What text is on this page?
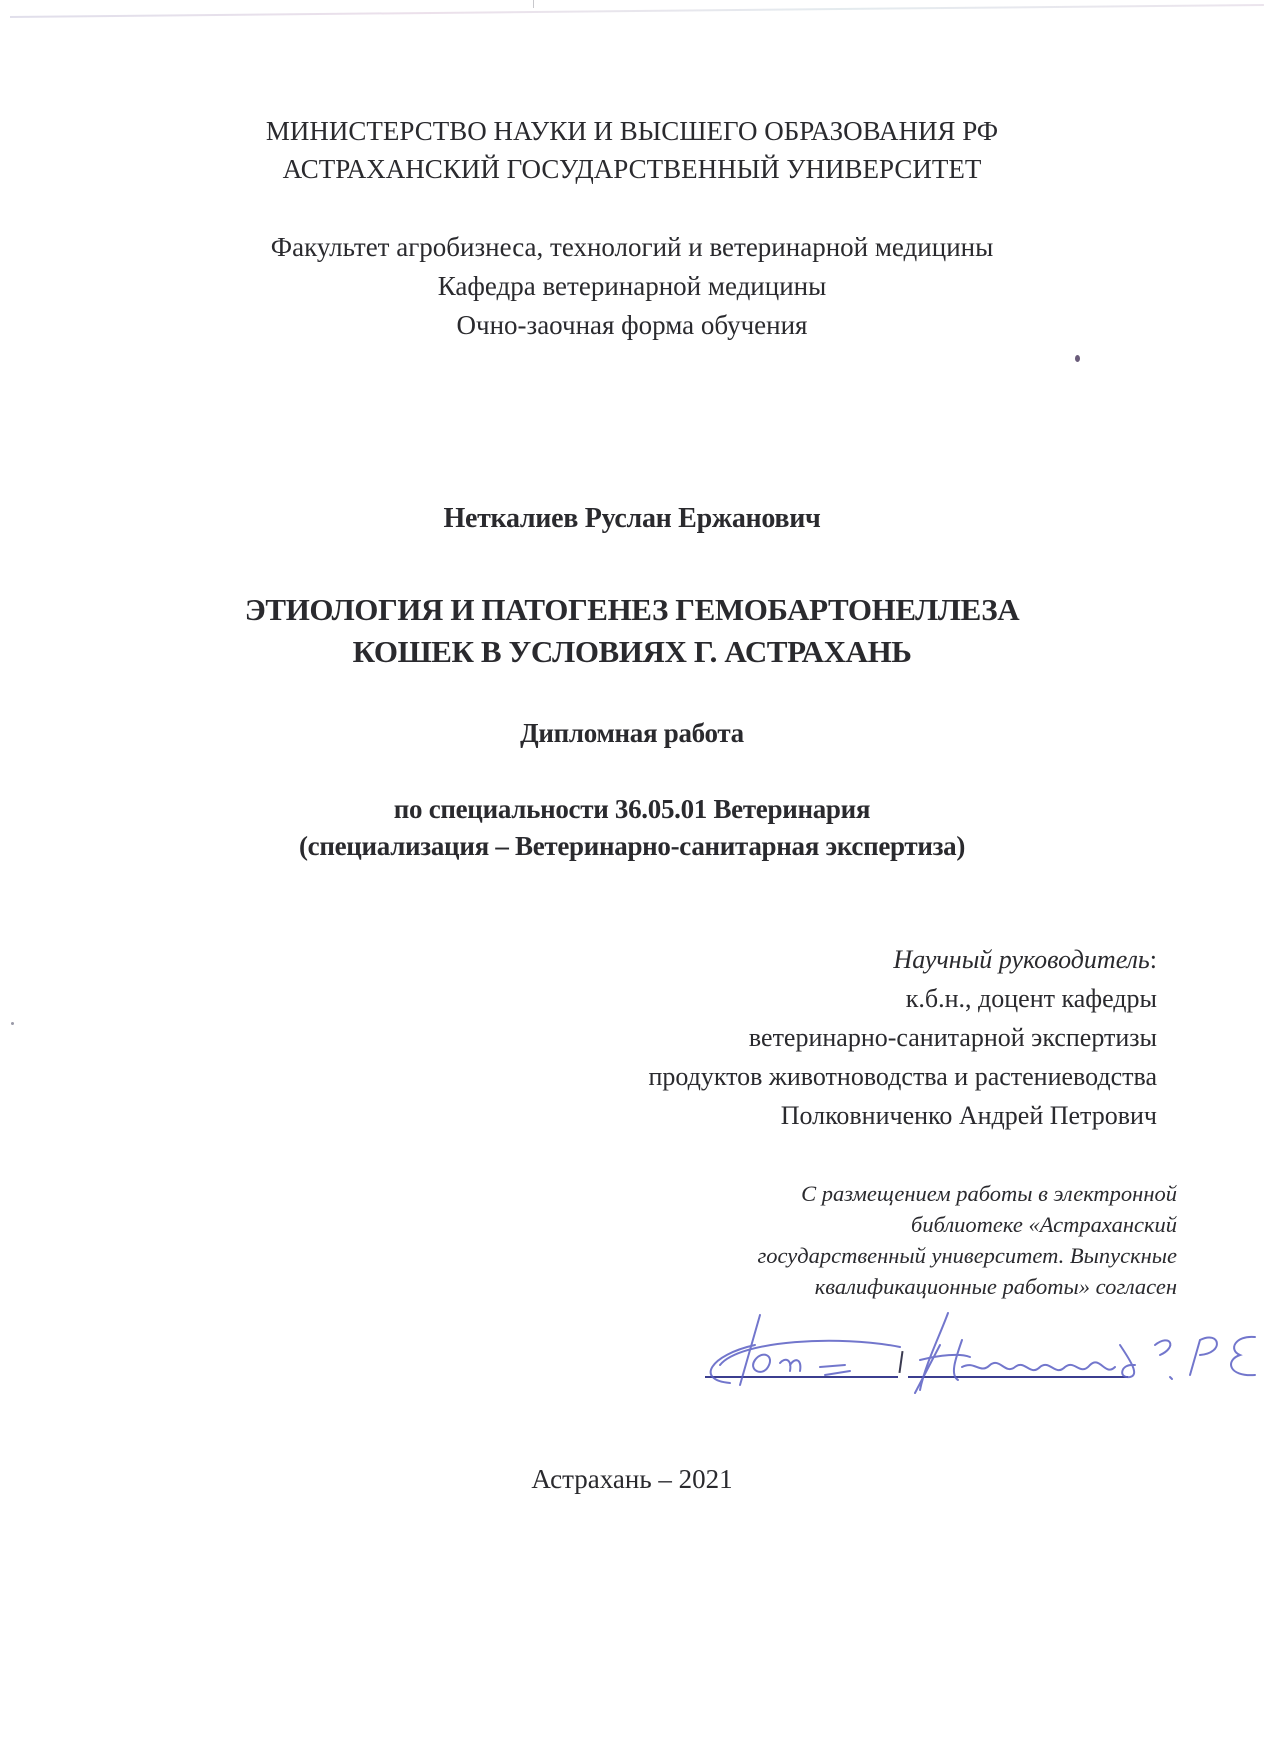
МИНИСТЕРСТВО НАУКИ И ВЫСШЕГО ОБРАЗОВАНИЯ РФ
АСТРАХАНСКИЙ ГОСУДАРСТВЕННЫЙ УНИВЕРСИТЕТ
Факультет агробизнеса, технологий и ветеринарной медицины
Кафедра ветеринарной медицины
Очно-заочная форма обучения
Неткалиев Руслан Ержанович
ЭТИОЛОГИЯ И ПАТОГЕНЕЗ ГЕМОБАРТОНЕЛЛЕЗА
КОШЕК В УСЛОВИЯХ Г. АСТРАХАНЬ
Дипломная работа
по специальности 36.05.01 Ветеринария
(специализация – Ветеринарно-санитарная экспертиза)
Научный руководитель:
к.б.н., доцент кафедры
ветеринарно-санитарной экспертизы
продуктов животноводства и растениеводства
Полковниченко Андрей Петрович
С размещением работы в электронной
библиотеке «Астраханский
государственный университет. Выпускные
квалификационные работы» согласен
Астрахань – 2021
